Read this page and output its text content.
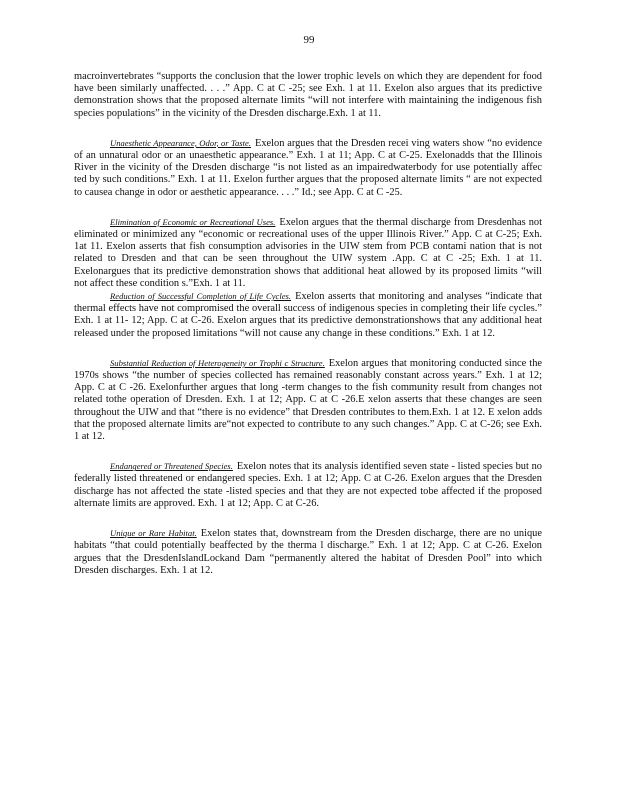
99

macroinvertebrates “supports the conclusion that the lower trophic levels on which they are dependent for food have been similarly unaffected. . . .” App. C at C -25; see Exh. 1 at 11. Exelon also argues that its predictive demonstration shows that the proposed alternate limits “will not interfere with maintaining the indigenous fish species populations” in the vicinity of the Dresden discharge.Exh. 1 at 11.

Unaesthetic Appearance, Odor, or Taste. Exelon argues that the Dresden recei ving waters show “no evidence of an unnatural odor or an unaesthetic appearance.” Exh. 1 at 11; App. C at C-25. Exelonadds that the Illinois River in the vicinity of the Dresden discharge “is not listed as an impairedwaterbody for use potentially affec ted by such conditions.” Exh. 1 at 11. Exelon further argues that the proposed alternate limits “ are not expected to causea change in odor or aesthetic appearance. . . .” Id.; see App. C at C -25.

Elimination of Economic or Recreational Uses. Exelon argues that the thermal discharge from Dresdenhas not eliminated or minimized any “economic or recreational uses of the upper Illinois River.” App. C at C-25; Exh. 1at 11. Exelon asserts that fish consumption advisories in the UIW stem from PCB contami nation that is not related to Dresden and that can be seen throughout the UIW system .App. C at C -25; Exh. 1 at 11. Exelonargues that its predictive demonstration shows that additional heat allowed by its proposed limits “will not affect these condition s.”Exh. 1 at 11.

Reduction of Successful Completion of Life Cycles. Exelon asserts that monitoring and analyses “indicate that thermal effects have not compromised the overall success of indigenous species in completing their life cycles.” Exh. 1 at 11- 12; App. C at C-26. Exelon argues that its predictive demonstrationshows that any additional heat released under the proposed limitations “will not cause any change in these conditions.” Exh. 1 at 12.

Substantial Reduction of Heterogeneity or Trophi c Structure. Exelon argues that monitoring conducted since the 1970s shows “the number of species collected has remained reasonably constant across years.” Exh. 1 at 12; App. C at C -26. Exelonfurther argues that long -term changes to the fish community result from changes not related tothe operation of Dresden. Exh. 1 at 12; App. C at C -26.E xelon asserts that these changes are seen throughout the UIW and that “there is no evidence” that Dresden contributes to them.Exh. 1 at 12. E xelon adds that the proposed alternate limits are“not expected to contribute to any such changes.” App. C at C-26; see Exh. 1 at 12.

Endangered or Threatened Species. Exelon notes that its analysis identified seven state - listed species but no federally listed threatened or endangered species. Exh. 1 at 12; App. C at C-26. Exelon argues that the Dresden discharge has not affected the state -listed species and that they are not expected tobe affected if the proposed alternate limits are approved. Exh. 1 at 12; App. C at C-26.

Unique or Rare Habitat. Exelon states that, downstream from the Dresden discharge, there are no unique habitats “that could potentially beaffected by the therma l discharge.” Exh. 1 at 12; App. C at C-26. Exelon argues that the DresdenIslandLockand Dam “permanently altered the habitat of Dresden Pool” into which Dresden discharges. Exh. 1 at 12.
